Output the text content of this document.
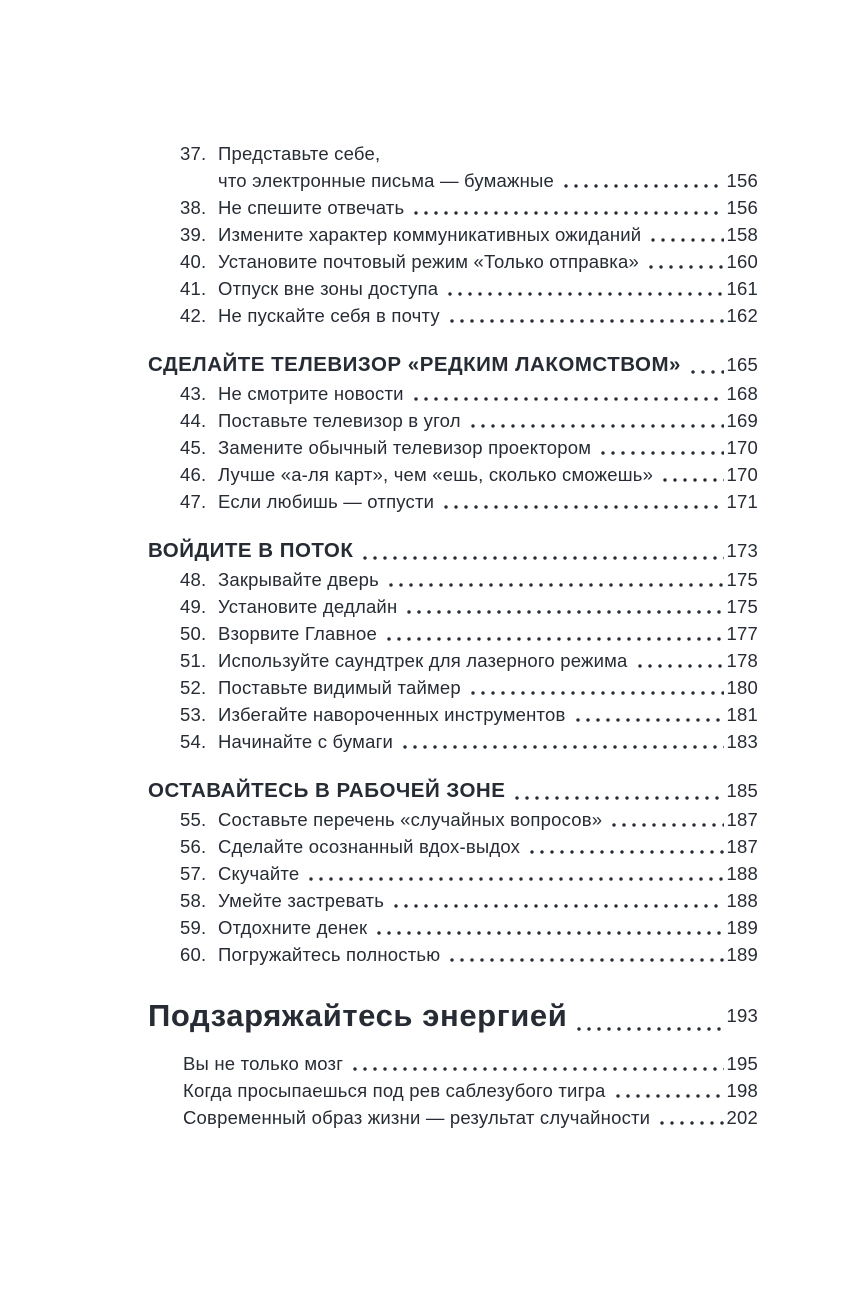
37. Представьте себе,
что электронные письма — бумажные	156
38. Не спешите отвечать	156
39. Измените характер коммуникативных ожиданий	158
40. Установите почтовый режим «Только отправка»	160
41. Отпуск вне зоны доступа	161
42. Не пускайте себя в почту	162
СДЕЛАЙТЕ ТЕЛЕВИЗОР «РЕДКИМ ЛАКОМСТВОМ» 165
43. Не смотрите новости	168
44. Поставьте телевизор в угол	169
45. Замените обычный телевизор проектором	170
46. Лучше «а-ля карт», чем «ешь, сколько сможешь»	170
47. Если любишь — отпусти	171
ВОЙДИТЕ В ПОТОК	173
48. Закрывайте дверь	175
49. Установите дедлайн	175
50. Взорвите Главное	177
51. Используйте саундтрек для лазерного режима	178
52. Поставьте видимый таймер	180
53. Избегайте навороченных инструментов	181
54. Начинайте с бумаги	183
ОСТАВАЙТЕСЬ В РАБОЧЕЙ ЗОНЕ	185
55. Составьте перечень «случайных вопросов»	187
56. Сделайте осознанный вдох-выдох	187
57. Скучайте	188
58. Умейте застревать	188
59. Отдохните денек	189
60. Погружайтесь полностью	189
Подзаряжайтесь энергией	193
Вы не только мозг	195
Когда просыпаешься под рев саблезубого тигра	198
Современный образ жизни — результат случайности	202
